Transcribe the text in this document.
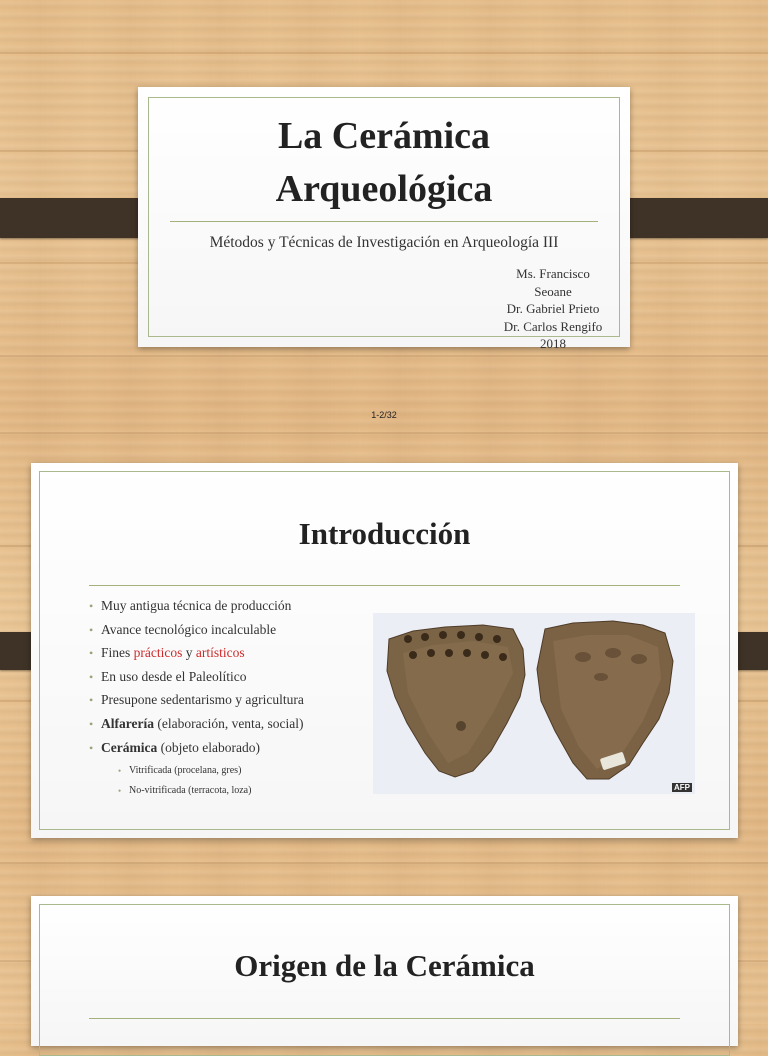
La Cerámica
Arqueológica
Métodos y Técnicas de Investigación en Arqueología III
Ms. Francisco
Seoane
Dr. Gabriel Prieto
Dr. Carlos Rengifo
2018
1-2/32
Introducción
• Muy antigua técnica de producción
• Avance tecnológico incalculable
• Fines prácticos y artísticos
• En uso desde el Paleolítico
• Presupone sedentarismo y agricultura
• Alfarería (elaboración, venta, social)
• Cerámica (objeto elaborado)
• Vitrificada (procelana, gres)
• No-vitrificada (terracota, loza)	AFP
Origen de la Cerámica
